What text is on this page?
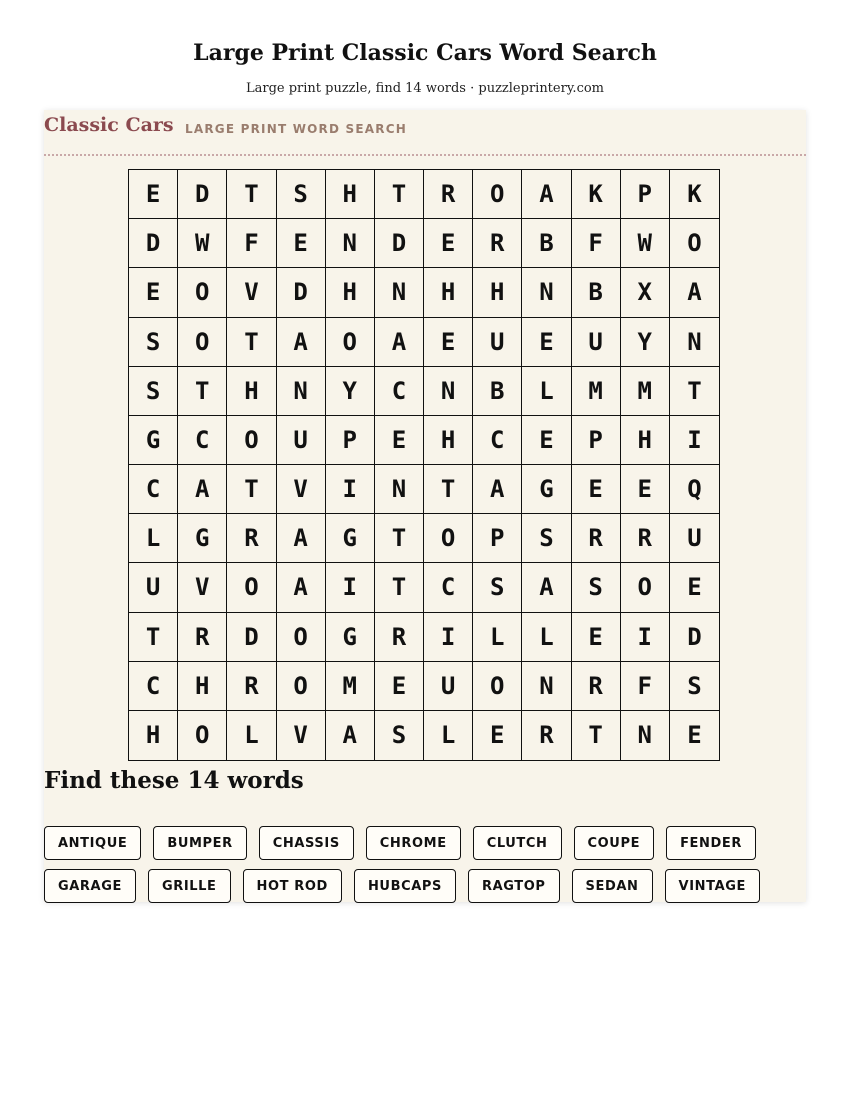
Large Print Classic Cars Word Search
Large print puzzle, find 14 words · puzzleprintery.com
Classic Cars LARGE PRINT WORD SEARCH
E	D	T	S	H	T	R	O	A	K	P	K
D	W	F	E	N	D	E	R	B	F	W	O
E	O	V	D	H	N	H	H	N	B	X	A
S	O	T	A	O	A	E	U	E	U	Y	N
S	T	H	N	Y	C	N	B	L	M	M	T
G	C	O	U	P	E	H	C	E	P	H	I
C	A	T	V	I	N	T	A	G	E	E	Q
L	G	R	A	G	T	O	P	S	R	R	U
U	V	O	A	I	T	C	S	A	S	O	E
T	R	D	O	G	R	I	L	L	E	I	D
C	H	R	O	M	E	U	O	N	R	F	S
H	O	L	V	A	S	L	E	R	T	N	E
Find these 14 words
ANTIQUE	BUMPER	CHASSIS	CHROME	CLUTCH	COUPE	FENDER
GARAGE	GRILLE	HOT ROD	HUBCAPS	RAGTOP	SEDAN	VINTAGE
